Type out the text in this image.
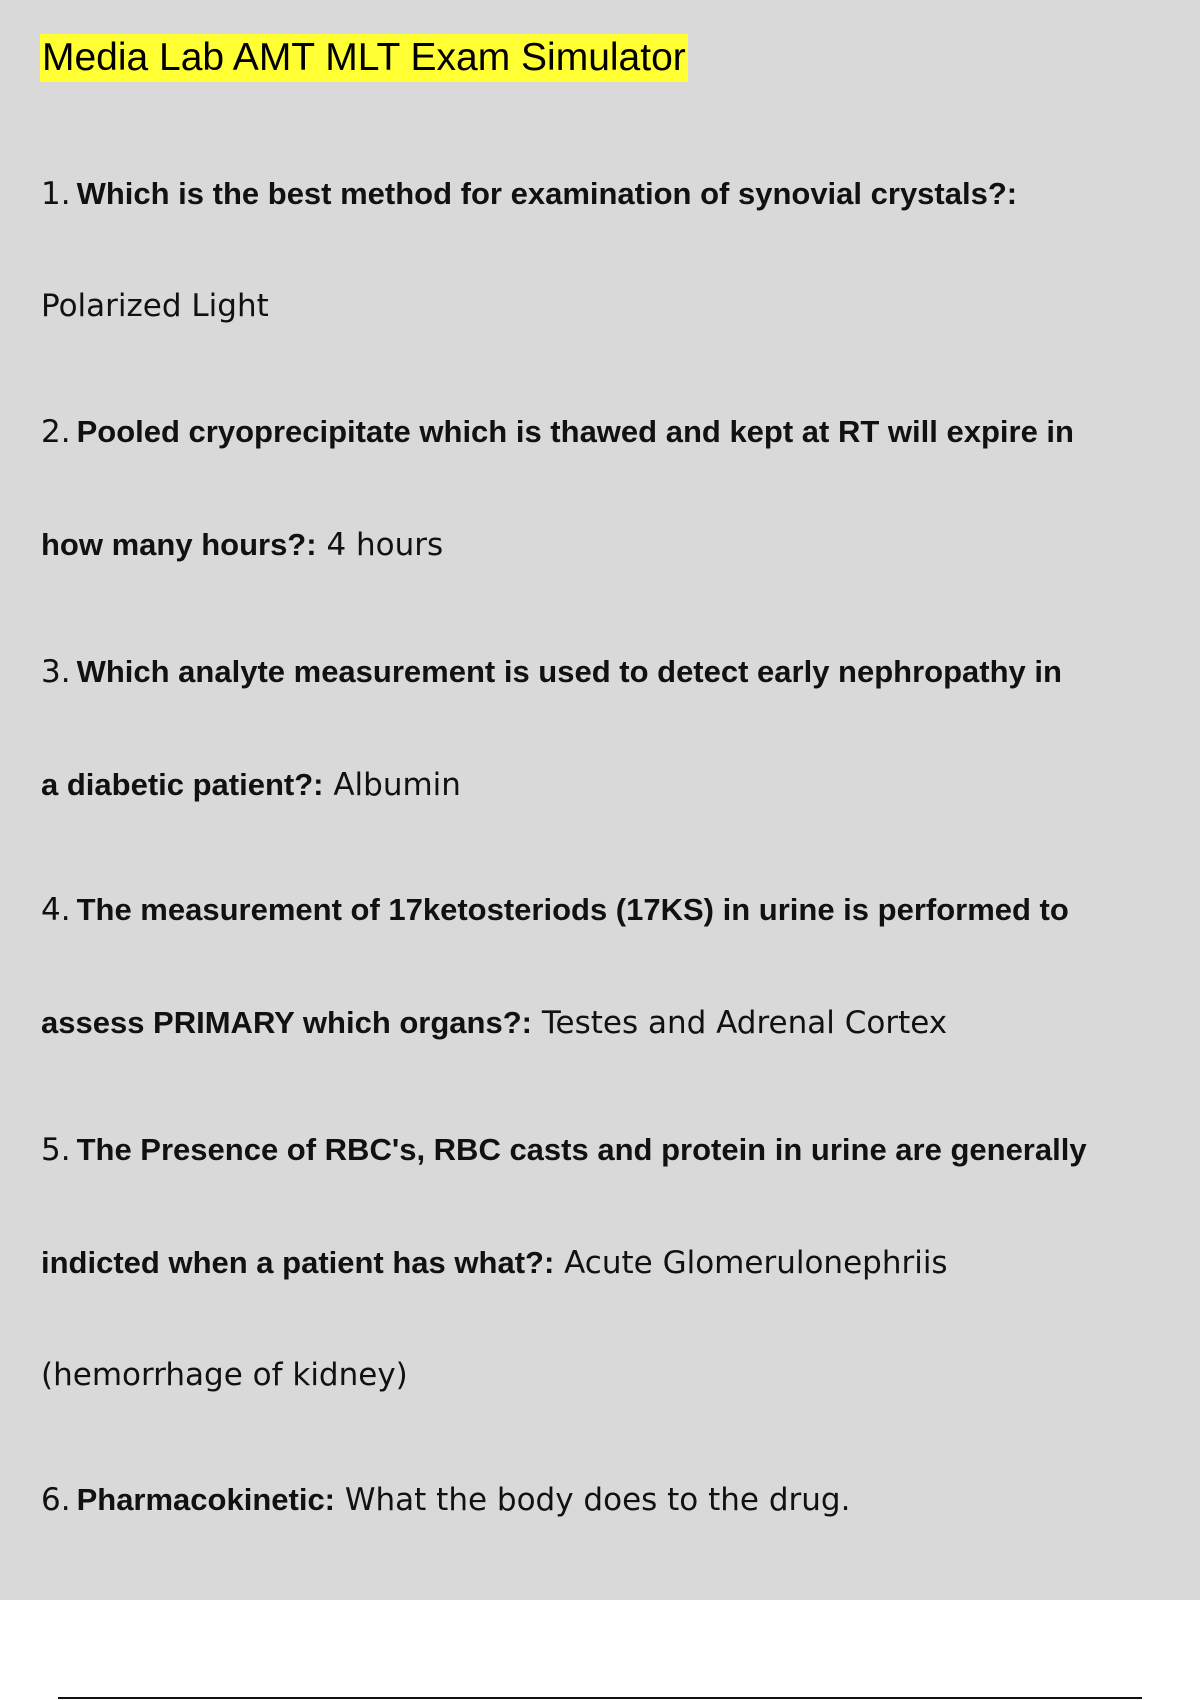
Media Lab AMT MLT Exam Simulator
1. Which is the best method for examination of synovial crystals?:
Polarized Light
2. Pooled cryoprecipitate which is thawed and kept at RT will expire in
how many hours?: 4 hours
3. Which analyte measurement is used to detect early nephropathy in
a diabetic patient?: Albumin
4. The measurement of 17ketosteriods (17KS) in urine is performed to
assess PRIMARY which organs?: Testes and Adrenal Cortex
5. The Presence of RBC's, RBC casts and protein in urine are generally
indicted when a patient has what?: Acute Glomerulonephriis
(hemorrhage of kidney)
6. Pharmacokinetic: What the body does to the drug.
